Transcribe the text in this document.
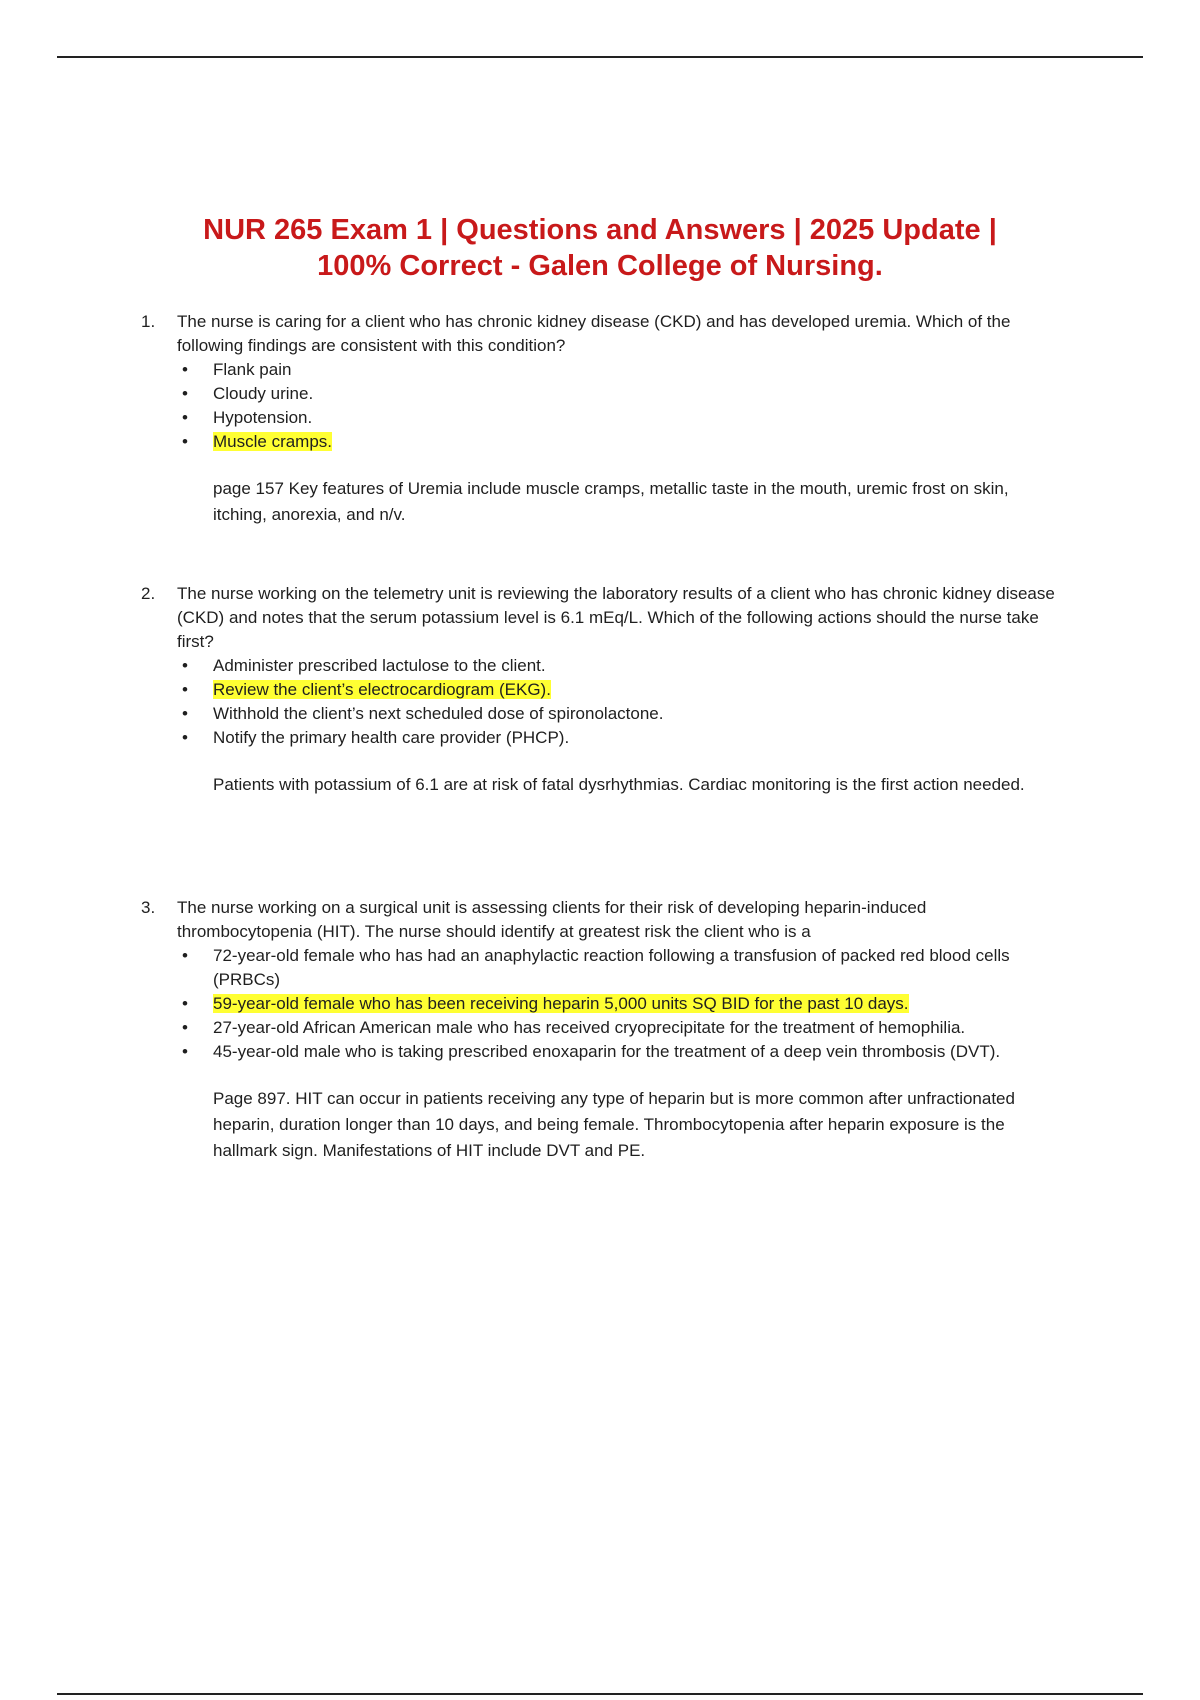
NUR 265 Exam 1 | Questions and Answers | 2025 Update |
100% Correct - Galen College of Nursing.
1. The nurse is caring for a client who has chronic kidney disease (CKD) and has developed uremia. Which of the following findings are consistent with this condition?
• Flank pain
• Cloudy urine.
• Hypotension.
• Muscle cramps.
page 157 Key features of Uremia include muscle cramps, metallic taste in the mouth, uremic frost on skin, itching, anorexia, and n/v.
2. The nurse working on the telemetry unit is reviewing the laboratory results of a client who has chronic kidney disease (CKD) and notes that the serum potassium level is 6.1 mEq/L. Which of the following actions should the nurse take first?
• Administer prescribed lactulose to the client.
• Review the client’s electrocardiogram (EKG).
• Withhold the client’s next scheduled dose of spironolactone.
• Notify the primary health care provider (PHCP).
Patients with potassium of 6.1 are at risk of fatal dysrhythmias. Cardiac monitoring is the first action needed.
3. The nurse working on a surgical unit is assessing clients for their risk of developing heparin-induced thrombocytopenia (HIT). The nurse should identify at greatest risk the client who is a
• 72-year-old female who has had an anaphylactic reaction following a transfusion of packed red blood cells (PRBCs)
• 59-year-old female who has been receiving heparin 5,000 units SQ BID for the past 10 days.
• 27-year-old African American male who has received cryoprecipitate for the treatment of hemophilia.
• 45-year-old male who is taking prescribed enoxaparin for the treatment of a deep vein thrombosis (DVT).
Page 897. HIT can occur in patients receiving any type of heparin but is more common after unfractionated heparin, duration longer than 10 days, and being female. Thrombocytopenia after heparin exposure is the hallmark sign. Manifestations of HIT include DVT and PE.
